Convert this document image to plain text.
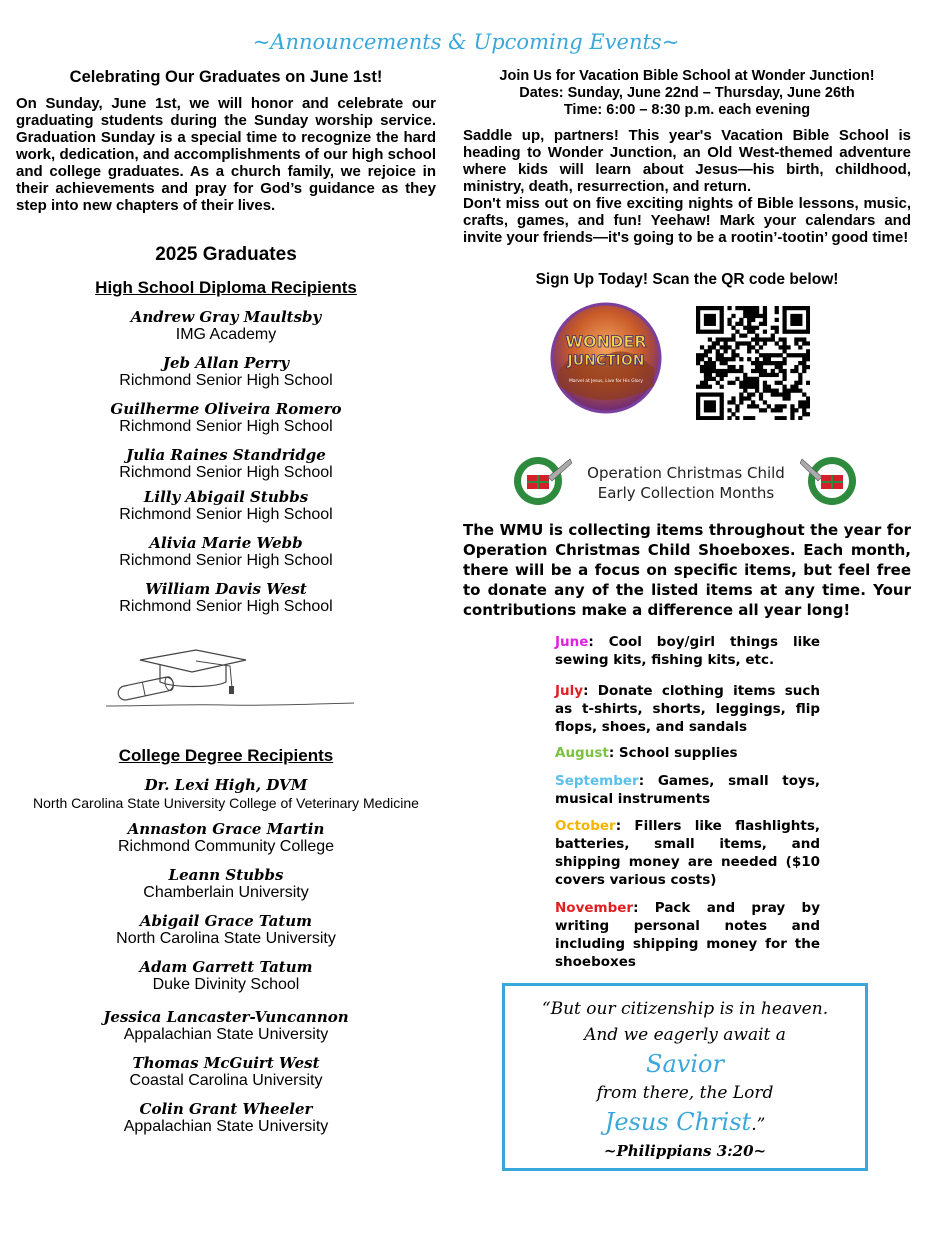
~Announcements & Upcoming Events~
Celebrating Our Graduates on June 1st!
On Sunday, June 1st, we will honor and celebrate our graduating students during the Sunday worship service. Graduation Sunday is a special time to recognize the hard work, dedication, and accomplishments of our high school and college graduates. As a church family, we rejoice in their achievements and pray for God’s guidance as they step into new chapters of their lives.
2025 Graduates
High School Diploma Recipients
Andrew Gray Maultsby
IMG Academy
Jeb Allan Perry
Richmond Senior High School
Guilherme Oliveira Romero
Richmond Senior High School
Julia Raines Standridge
Richmond Senior High School
Lilly Abigail Stubbs
Richmond Senior High School
Alivia Marie Webb
Richmond Senior High School
William Davis West
Richmond Senior High School
College Degree Recipients
Dr. Lexi High, DVM
North Carolina State University College of Veterinary Medicine
Annaston Grace Martin
Richmond Community College
Leann Stubbs
Chamberlain University
Abigail Grace Tatum
North Carolina State University
Adam Garrett Tatum
Duke Divinity School
Jessica Lancaster-Vuncannon
Appalachian State University
Thomas McGuirt West
Coastal Carolina University
Colin Grant Wheeler
Appalachian State University
Join Us for Vacation Bible School at Wonder Junction!
Dates: Sunday, June 22nd – Thursday, June 26th
Time: 6:00 – 8:30 p.m. each evening
Saddle up, partners! This year's Vacation Bible School is heading to Wonder Junction, an Old West-themed adventure where kids will learn about Jesus—his birth, childhood, ministry, death, resurrection, and return.
Don't miss out on five exciting nights of Bible lessons, music, crafts, games, and fun! Yeehaw! Mark your calendars and invite your friends—it's going to be a rootin’-tootin’ good time!
Sign Up Today! Scan the QR code below!
WONDER
JUNCTION
Marvel at Jesus, Live for His Glory
Operation Christmas Child
Early Collection Months
The WMU is collecting items throughout the year for Operation Christmas Child Shoeboxes. Each month, there will be a focus on specific items, but feel free to donate any of the listed items at any time. Your contributions make a difference all year long!
June: Cool boy/girl things like sewing kits, fishing kits, etc.
July: Donate clothing items such as t-shirts, shorts, leggings, flip flops, shoes, and sandals
August: School supplies
September: Games, small toys, musical instruments
October: Fillers like flashlights, batteries, small items, and shipping money are needed ($10 covers various costs)
November: Pack and pray by writing personal notes and including shipping money for the shoeboxes
“But our citizenship is in heaven.
And we eagerly await a
Savior
from there, the Lord
Jesus Christ.”
~Philippians 3:20~
